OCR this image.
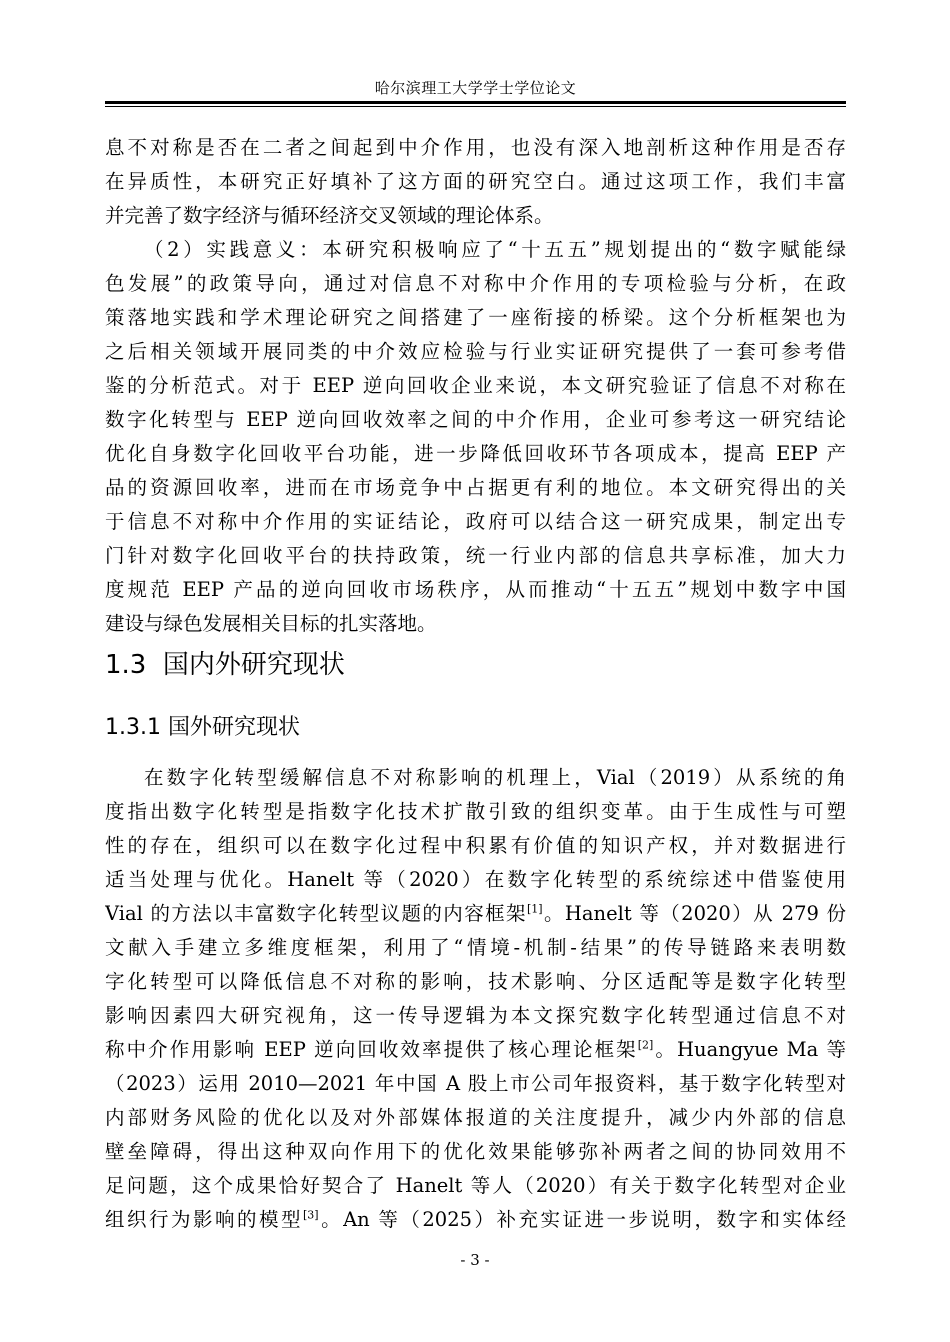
哈尔滨理工大学学士学位论文
息不对称是否在二者之间起到中介作用，也没有深入地剖析这种作用是否存
在异质性，本研究正好填补了这方面的研究空白。通过这项工作，我们丰富
并完善了数字经济与循环经济交叉领域的理论体系。
（2）实践意义：本研究积极响应了“十五五”规划提出的“数字赋能绿
色发展”的政策导向，通过对信息不对称中介作用的专项检验与分析，在政
策落地实践和学术理论研究之间搭建了一座衔接的桥梁。这个分析框架也为
之后相关领域开展同类的中介效应检验与行业实证研究提供了一套可参考借
鉴的分析范式。对于 EEP 逆向回收企业来说，本文研究验证了信息不对称在
数字化转型与 EEP 逆向回收效率之间的中介作用，企业可参考这一研究结论
优化自身数字化回收平台功能，进一步降低回收环节各项成本，提高 EEP 产
品的资源回收率，进而在市场竞争中占据更有利的地位。本文研究得出的关
于信息不对称中介作用的实证结论，政府可以结合这一研究成果，制定出专
门针对数字化回收平台的扶持政策，统一行业内部的信息共享标准，加大力
度规范 EEP 产品的逆向回收市场秩序，从而推动“十五五”规划中数字中国
建设与绿色发展相关目标的扎实落地。
1.3 国内外研究现状
1.3.1 国外研究现状
在数字化转型缓解信息不对称影响的机理上，Vial（2019）从系统的角
度指出数字化转型是指数字化技术扩散引致的组织变革。由于生成性与可塑
性的存在，组织可以在数字化过程中积累有价值的知识产权，并对数据进行
适当处理与优化。Hanelt 等（2020）在数字化转型的系统综述中借鉴使用
Vial 的方法以丰富数字化转型议题的内容框架[1]。Hanelt 等（2020）从 279 份
文献入手建立多维度框架，利用了“情境-机制-结果”的传导链路来表明数
字化转型可以降低信息不对称的影响，技术影响、分区适配等是数字化转型
影响因素四大研究视角，这一传导逻辑为本文探究数字化转型通过信息不对
称中介作用影响 EEP 逆向回收效率提供了核心理论框架[2]。Huangyue Ma 等
（2023）运用 2010—2021 年中国 A 股上市公司年报资料，基于数字化转型对
内部财务风险的优化以及对外部媒体报道的关注度提升，减少内外部的信息
壁垒障碍，得出这种双向作用下的优化效果能够弥补两者之间的协同效用不
足问题，这个成果恰好契合了 Hanelt 等人（2020）有关于数字化转型对企业
组织行为影响的模型[3]。An 等（2025）补充实证进一步说明，数字和实体经
- 3 -
